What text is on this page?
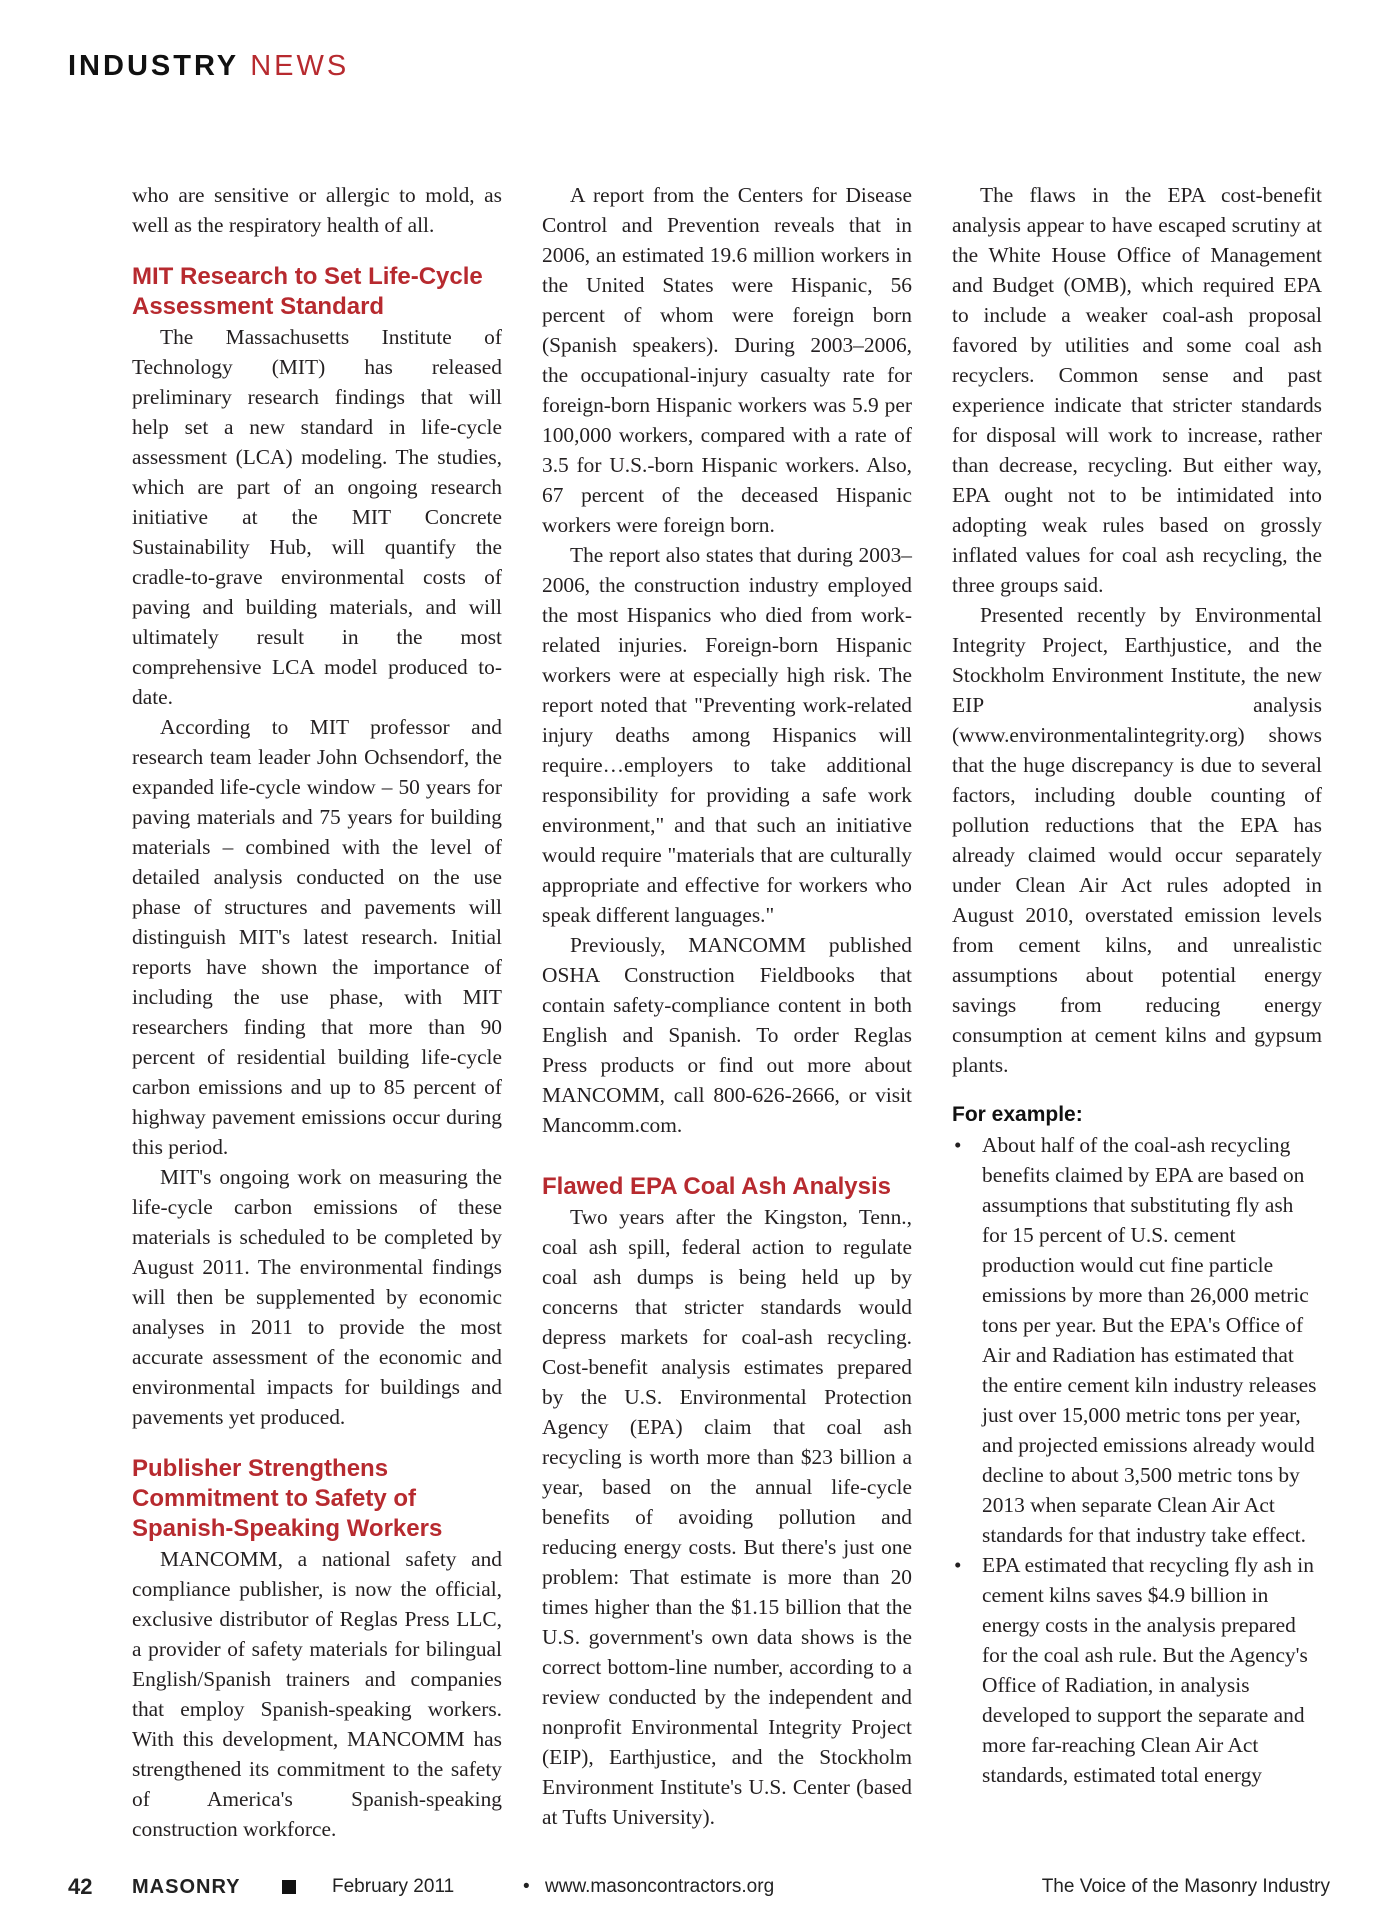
INDUSTRY NEWS

who are sensitive or allergic to mold, as well as the respiratory health of all.

MIT Research to Set Life-Cycle Assessment Standard

The Massachusetts Institute of Technology (MIT) has released preliminary research findings that will help set a new standard in life-cycle assessment (LCA) modeling. The studies, which are part of an ongoing research initiative at the MIT Concrete Sustainability Hub, will quantify the cradle-to-grave environmental costs of paving and building materials, and will ultimately result in the most comprehensive LCA model produced to-date.

According to MIT professor and research team leader John Ochsendorf, the expanded life-cycle window – 50 years for paving materials and 75 years for building materials – combined with the level of detailed analysis conducted on the use phase of structures and pavements will distinguish MIT's latest research. Initial reports have shown the importance of including the use phase, with MIT researchers finding that more than 90 percent of residential building life-cycle carbon emissions and up to 85 percent of highway pavement emissions occur during this period.

MIT's ongoing work on measuring the life-cycle carbon emissions of these materials is scheduled to be completed by August 2011. The environmental findings will then be supplemented by economic analyses in 2011 to provide the most accurate assessment of the economic and environmental impacts for buildings and pavements yet produced.

Publisher Strengthens Commitment to Safety of Spanish-Speaking Workers

MANCOMM, a national safety and compliance publisher, is now the official, exclusive distributor of Reglas Press LLC, a provider of safety materials for bilingual English/Spanish trainers and companies that employ Spanish-speaking workers. With this development, MANCOMM has strengthened its commitment to the safety of America's Spanish-speaking construction workforce.

A report from the Centers for Disease Control and Prevention reveals that in 2006, an estimated 19.6 million workers in the United States were Hispanic, 56 percent of whom were foreign born (Spanish speakers). During 2003–2006, the occupational-injury casualty rate for foreign-born Hispanic workers was 5.9 per 100,000 workers, compared with a rate of 3.5 for U.S.-born Hispanic workers. Also, 67 percent of the deceased Hispanic workers were foreign born.

The report also states that during 2003–2006, the construction industry employed the most Hispanics who died from work-related injuries. Foreign-born Hispanic workers were at especially high risk. The report noted that "Preventing work-related injury deaths among Hispanics will require…employers to take additional responsibility for providing a safe work environment," and that such an initiative would require "materials that are culturally appropriate and effective for workers who speak different languages."

Previously, MANCOMM published OSHA Construction Fieldbooks that contain safety-compliance content in both English and Spanish. To order Reglas Press products or find out more about MANCOMM, call 800-626-2666, or visit Mancomm.com.

Flawed EPA Coal Ash Analysis

Two years after the Kingston, Tenn., coal ash spill, federal action to regulate coal ash dumps is being held up by concerns that stricter standards would depress markets for coal-ash recycling. Cost-benefit analysis estimates prepared by the U.S. Environmental Protection Agency (EPA) claim that coal ash recycling is worth more than $23 billion a year, based on the annual life-cycle benefits of avoiding pollution and reducing energy costs. But there's just one problem: That estimate is more than 20 times higher than the $1.15 billion that the U.S. government's own data shows is the correct bottom-line number, according to a review conducted by the independent and nonprofit Environmental Integrity Project (EIP), Earthjustice, and the Stockholm Environment Institute's U.S. Center (based at Tufts University).

The flaws in the EPA cost-benefit analysis appear to have escaped scrutiny at the White House Office of Management and Budget (OMB), which required EPA to include a weaker coal-ash proposal favored by utilities and some coal ash recyclers. Common sense and past experience indicate that stricter standards for disposal will work to increase, rather than decrease, recycling. But either way, EPA ought not to be intimidated into adopting weak rules based on grossly inflated values for coal ash recycling, the three groups said.

Presented recently by Environmental Integrity Project, Earthjustice, and the Stockholm Environment Institute, the new EIP analysis (www.environmentalintegrity.org) shows that the huge discrepancy is due to several factors, including double counting of pollution reductions that the EPA has already claimed would occur separately under Clean Air Act rules adopted in August 2010, overstated emission levels from cement kilns, and unrealistic assumptions about potential energy savings from reducing energy consumption at cement kilns and gypsum plants.

For example:
• About half of the coal-ash recycling benefits claimed by EPA are based on assumptions that substituting fly ash for 15 percent of U.S. cement production would cut fine particle emissions by more than 26,000 metric tons per year. But the EPA's Office of Air and Radiation has estimated that the entire cement kiln industry releases just over 15,000 metric tons per year, and projected emissions already would decline to about 3,500 metric tons by 2013 when separate Clean Air Act standards for that industry take effect.
• EPA estimated that recycling fly ash in cement kilns saves $4.9 billion in energy costs in the analysis prepared for the coal ash rule. But the Agency's Office of Radiation, in analysis developed to support the separate and more far-reaching Clean Air Act standards, estimated total energy
42 MASONRY	February 2011	• www.masoncontractors.org	The Voice of the Masonry Industry
